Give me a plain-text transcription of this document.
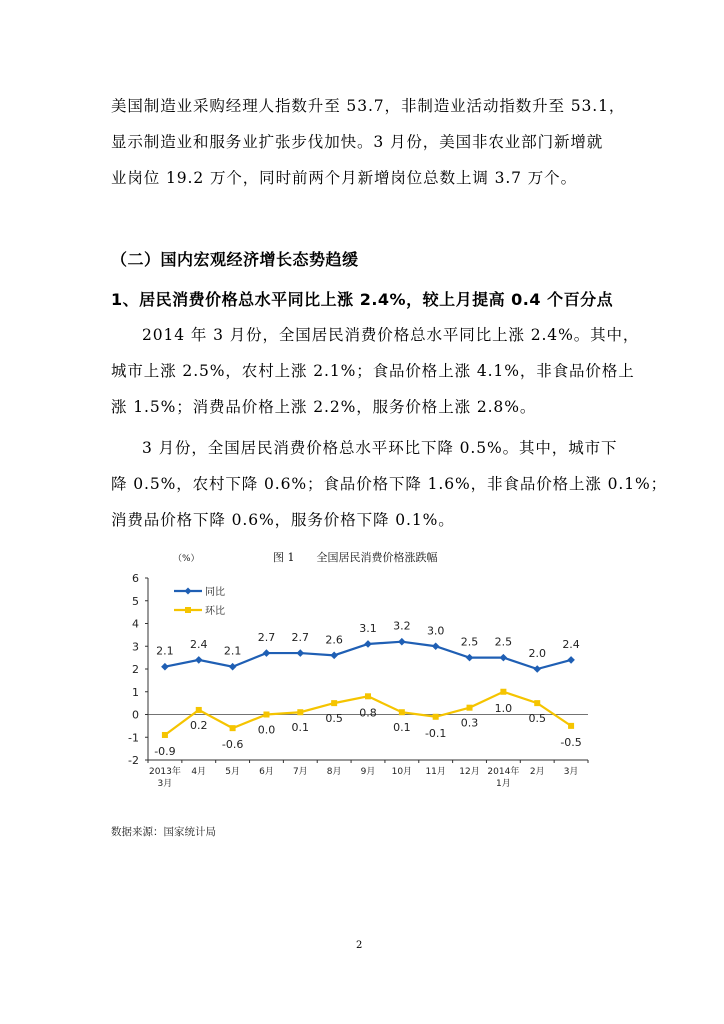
美国制造业采购经理人指数升至 53.7，非制造业活动指数升至 53.1，
显示制造业和服务业扩张步伐加快。3 月份，美国非农业部门新增就
业岗位 19.2 万个，同时前两个月新增岗位总数上调 3.7 万个。
（二）国内宏观经济增长态势趋缓
1、居民消费价格总水平同比上涨 2.4%，较上月提高 0.4 个百分点
2014 年 3 月份，全国居民消费价格总水平同比上涨 2.4%。其中，
城市上涨 2.5%，农村上涨 2.1%；食品价格上涨 4.1%，非食品价格上
涨 1.5%；消费品价格上涨 2.2%，服务价格上涨 2.8%。
3 月份，全国居民消费价格总水平环比下降 0.5%。其中，城市下
降 0.5%，农村下降 0.6%；食品价格下降 1.6%，非食品价格上涨 0.1%；
消费品价格下降 0.6%，服务价格下降 0.1%。
（%）	图 1　　全国居民消费价格涨跌幅
-2
-1
0
1
2
3
4
5
6
2013年
3月
4月 5月 6月 7月 8月 9月 10月 11月 12月 2014年
1月
2月 3月
2.1
2.4
2.1
2.7 2.7 2.6
3.1 3.2 3.0
2.5 2.5
2.0
2.4
-0.9
0.2
-0.6
0.0 0.1
0.5 0.8
0.1 -0.1
0.3
1.0
0.5
-0.5
同比
环比
数据来源：国家统计局
2
